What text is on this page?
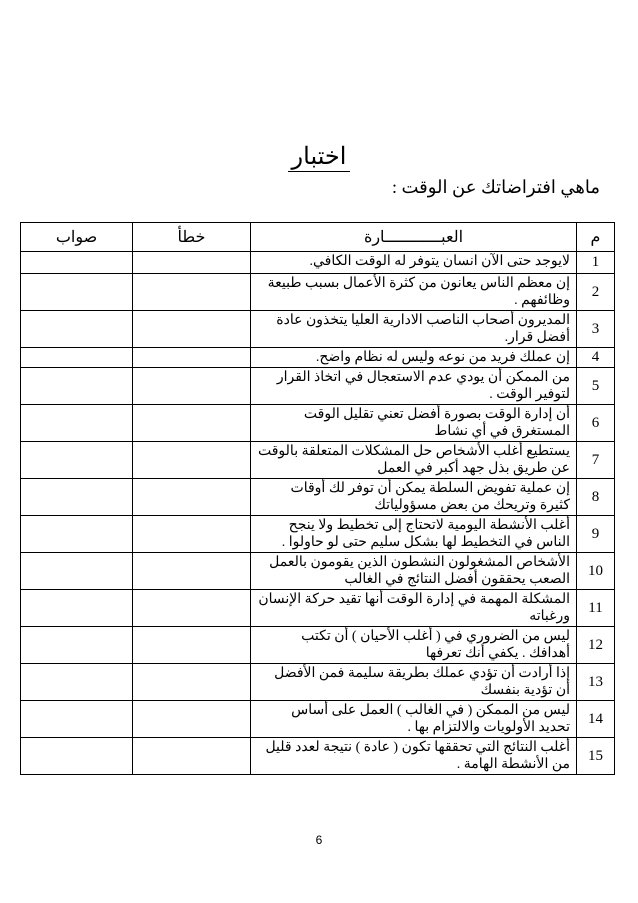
اختبار
ماهي افتراضاتك عن الوقت :
م	العبــــــــــــارة	خطأ	صواب
1	لايوجد حتى الآن انسان يتوفر له الوقت الكافي.		
2	إن معظم الناس يعانون من كثرة الأعمال بسبب طبيعة وظائفهم .		
3	المديرون أصحاب الناصب الادارية العليا يتخذون عادة أفضل قرار.		
4	إن عملك فريد من نوعه وليس له نظام واضح.		
5	من الممكن أن يودي عدم الاستعجال في اتخاذ القرار لتوفير الوقت .		
6	أن إدارة الوقت بصورة أفضل تعني تقليل الوقت المستغرق في أي نشاط		
7	يستطيع أغلب الأشخاص حل المشكلات المتعلقة بالوقت عن طريق بذل جهد أكبر في العمل		
8	إن عملية تفويض السلطة يمكن أن توفر لك أوقات كثيرة وتريحك من بعض مسؤولياتك		
9	أغلب الأنشطة اليومية لاتحتاج إلى تخطيط ولا ينجح الناس في التخطيط لها بشكل سليم حتى لو حاولوا .		
10	الأشخاص المشغولون النشطون الذين يقومون بالعمل الصعب يحققون أفضل النتائج في الغالب		
11	المشكلة المهمة في إدارة الوقت أنها تقيد حركة الإنسان ورغباته		
12	ليس من الضروري في ( أغلب الأحيان ) أن تكتب أهدافك . يكفي أنك تعرفها		
13	إذا أرادت أن تؤدي عملك بطريقة سليمة فمن الأفضل أن تؤدية بنفسك		
14	ليس من الممكن ( في الغالب ) العمل على أساس تحديد الأولويات والالتزام بها .		
15	أغلب النتائج التي تحققها تكون ( عادة ) نتيجة لعدد قليل من الأنشطة الهامة .		
6
